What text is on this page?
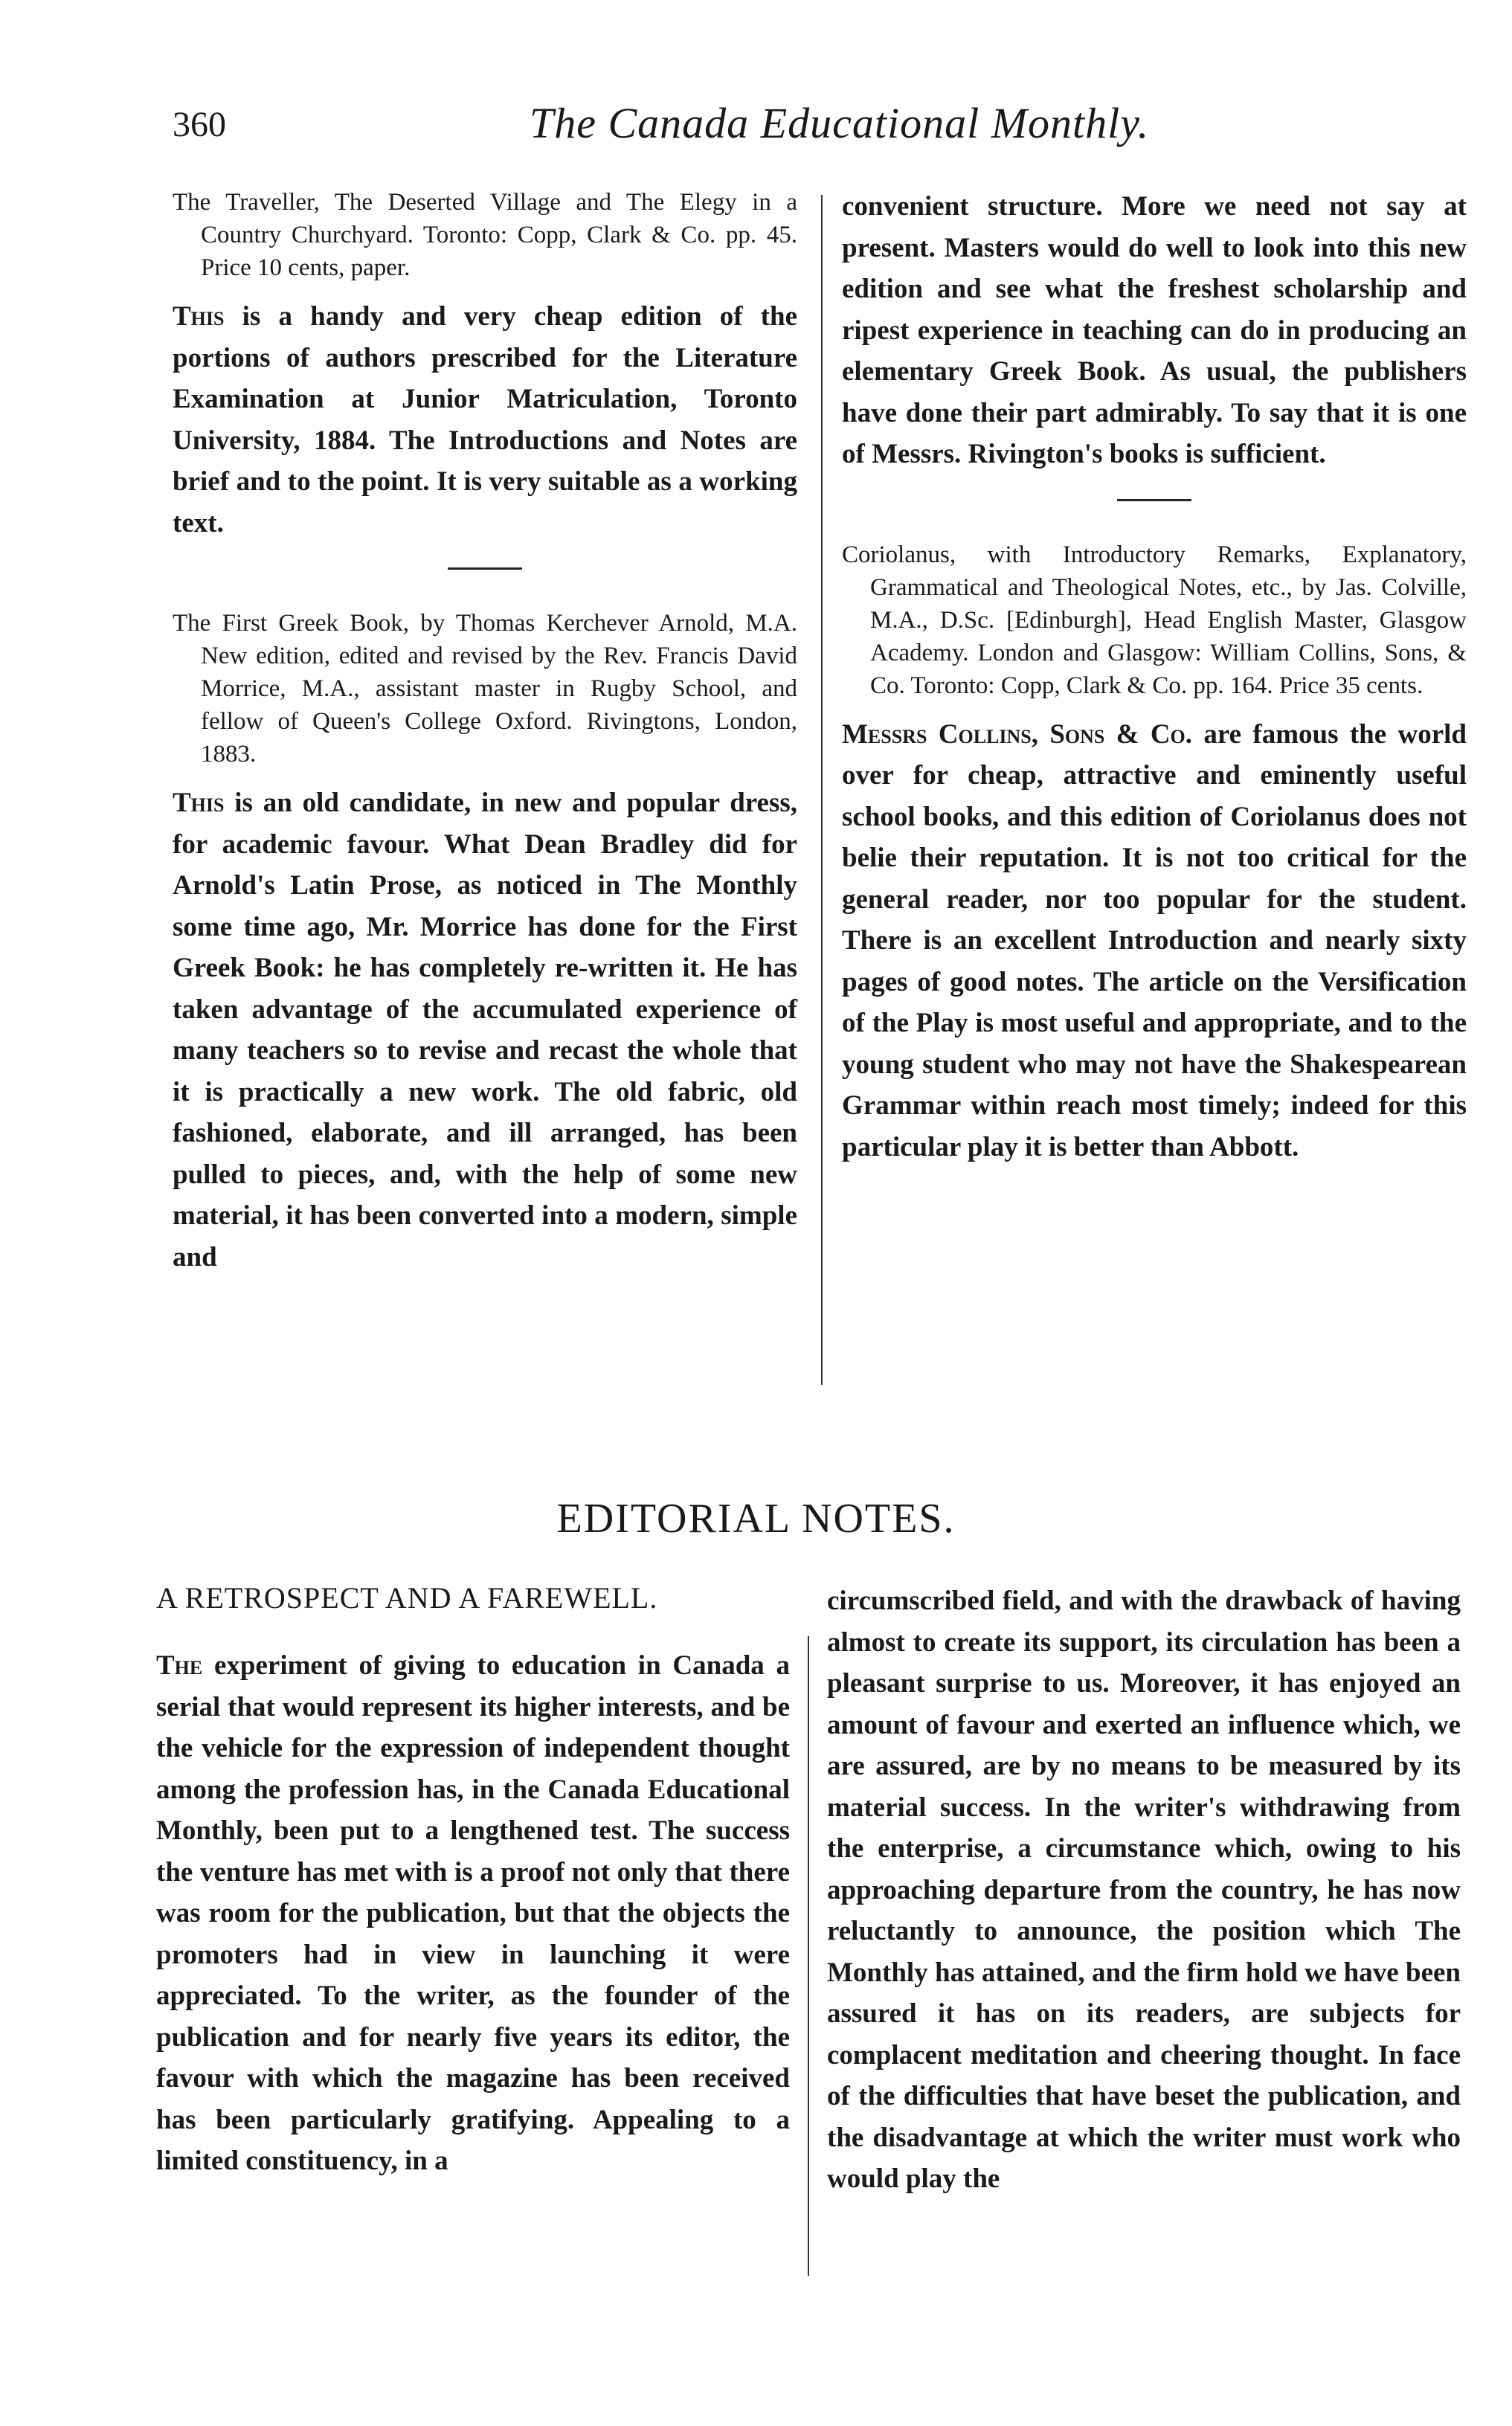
360	The Canada Educational Monthly.

The Traveller, The Deserted Village and The Elegy in a Country Churchyard. Toronto: Copp, Clark & Co. pp. 45. Price 10 cents, paper.

This is a handy and very cheap edition of the portions of authors prescribed for the Literature Examination at Junior Matriculation, Toronto University, 1884. The Introductions and Notes are brief and to the point. It is very suitable as a working text.

The First Greek Book, by Thomas Kerchever Arnold, M.A. New edition, edited and revised by the Rev. Francis David Morrice, M.A., assistant master in Rugby School, and fellow of Queen's College Oxford. Rivingtons, London, 1883.

This is an old candidate, in new and popular dress, for academic favour. What Dean Bradley did for Arnold's Latin Prose, as noticed in The Monthly some time ago, Mr. Morrice has done for the First Greek Book: he has completely re-written it. He has taken advantage of the accumulated experience of many teachers so to revise and recast the whole that it is practically a new work. The old fabric, old fashioned, elaborate, and ill arranged, has been pulled to pieces, and, with the help of some new material, it has been converted into a modern, simple and

convenient structure. More we need not say at present. Masters would do well to look into this new edition and see what the freshest scholarship and ripest experience in teaching can do in producing an elementary Greek Book. As usual, the publishers have done their part admirably. To say that it is one of Messrs. Rivington's books is sufficient.

Coriolanus, with Introductory Remarks, Explanatory, Grammatical and Theological Notes, etc., by Jas. Colville, M.A., D.Sc. [Edinburgh], Head English Master, Glasgow Academy. London and Glasgow: William Collins, Sons, & Co. Toronto: Copp, Clark & Co. pp. 164. Price 35 cents.

Messrs Collins, Sons & Co. are famous the world over for cheap, attractive and eminently useful school books, and this edition of Coriolanus does not belie their reputation. It is not too critical for the general reader, nor too popular for the student. There is an excellent Introduction and nearly sixty pages of good notes. The article on the Versification of the Play is most useful and appropriate, and to the young student who may not have the Shakespearean Grammar within reach most timely; indeed for this particular play it is better than Abbott.

EDITORIAL NOTES.

A RETROSPECT AND A FAREWELL.

The experiment of giving to education in Canada a serial that would represent its higher interests, and be the vehicle for the expression of independent thought among the profession has, in the Canada Educational Monthly, been put to a lengthened test. The success the venture has met with is a proof not only that there was room for the publication, but that the objects the promoters had in view in launching it were appreciated. To the writer, as the founder of the publication and for nearly five years its editor, the favour with which the magazine has been received has been particularly gratifying. Appealing to a limited constituency, in a

circumscribed field, and with the drawback of having almost to create its support, its circulation has been a pleasant surprise to us. Moreover, it has enjoyed an amount of favour and exerted an influence which, we are assured, are by no means to be measured by its material success. In the writer's withdrawing from the enterprise, a circumstance which, owing to his approaching departure from the country, he has now reluctantly to announce, the position which The Monthly has attained, and the firm hold we have been assured it has on its readers, are subjects for complacent meditation and cheering thought. In face of the difficulties that have beset the publication, and the disadvantage at which the writer must work who would play the
